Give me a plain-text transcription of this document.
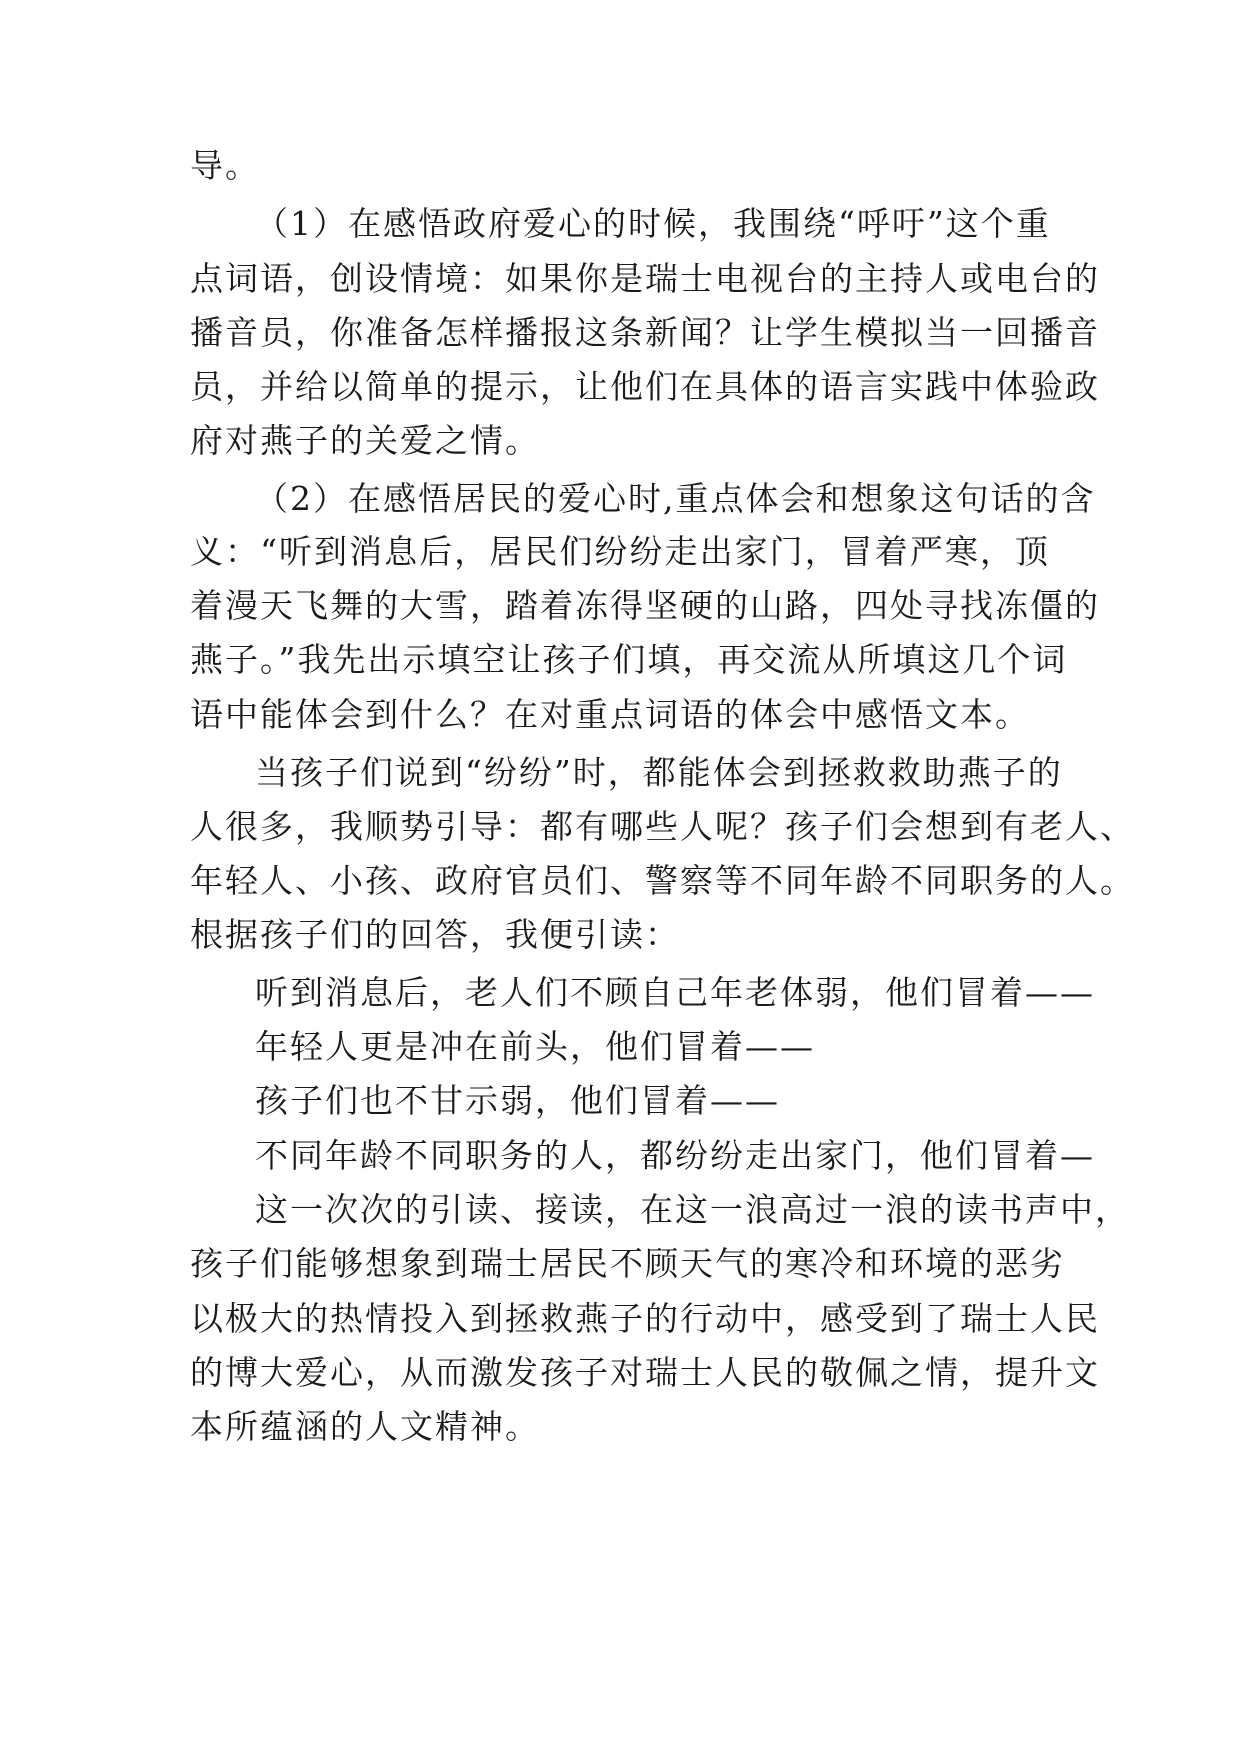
导。
（1）在感悟政府爱心的时候，我围绕“呼吁”这个重
点词语，创设情境：如果你是瑞士电视台的主持人或电台的
播音员，你准备怎样播报这条新闻？让学生模拟当一回播音
员，并给以简单的提示，让他们在具体的语言实践中体验政
府对燕子的关爱之情。
（2）在感悟居民的爱心时,重点体会和想象这句话的含
义：“听到消息后，居民们纷纷走出家门，冒着严寒，顶
着漫天飞舞的大雪，踏着冻得坚硬的山路，四处寻找冻僵的
燕子。”我先出示填空让孩子们填，再交流从所填这几个词
语中能体会到什么？在对重点词语的体会中感悟文本。
当孩子们说到“纷纷”时，都能体会到拯救救助燕子的
人很多，我顺势引导：都有哪些人呢？孩子们会想到有老人、
年轻人、小孩、政府官员们、警察等不同年龄不同职务的人。
根据孩子们的回答，我便引读：
听到消息后，老人们不顾自己年老体弱，他们冒着——
年轻人更是冲在前头，他们冒着——
孩子们也不甘示弱，他们冒着——
不同年龄不同职务的人，都纷纷走出家门，他们冒着—
这一次次的引读、接读，在这一浪高过一浪的读书声中，
孩子们能够想象到瑞士居民不顾天气的寒冷和环境的恶劣
以极大的热情投入到拯救燕子的行动中，感受到了瑞士人民
的博大爱心，从而激发孩子对瑞士人民的敬佩之情，提升文
本所蕴涵的人文精神。
